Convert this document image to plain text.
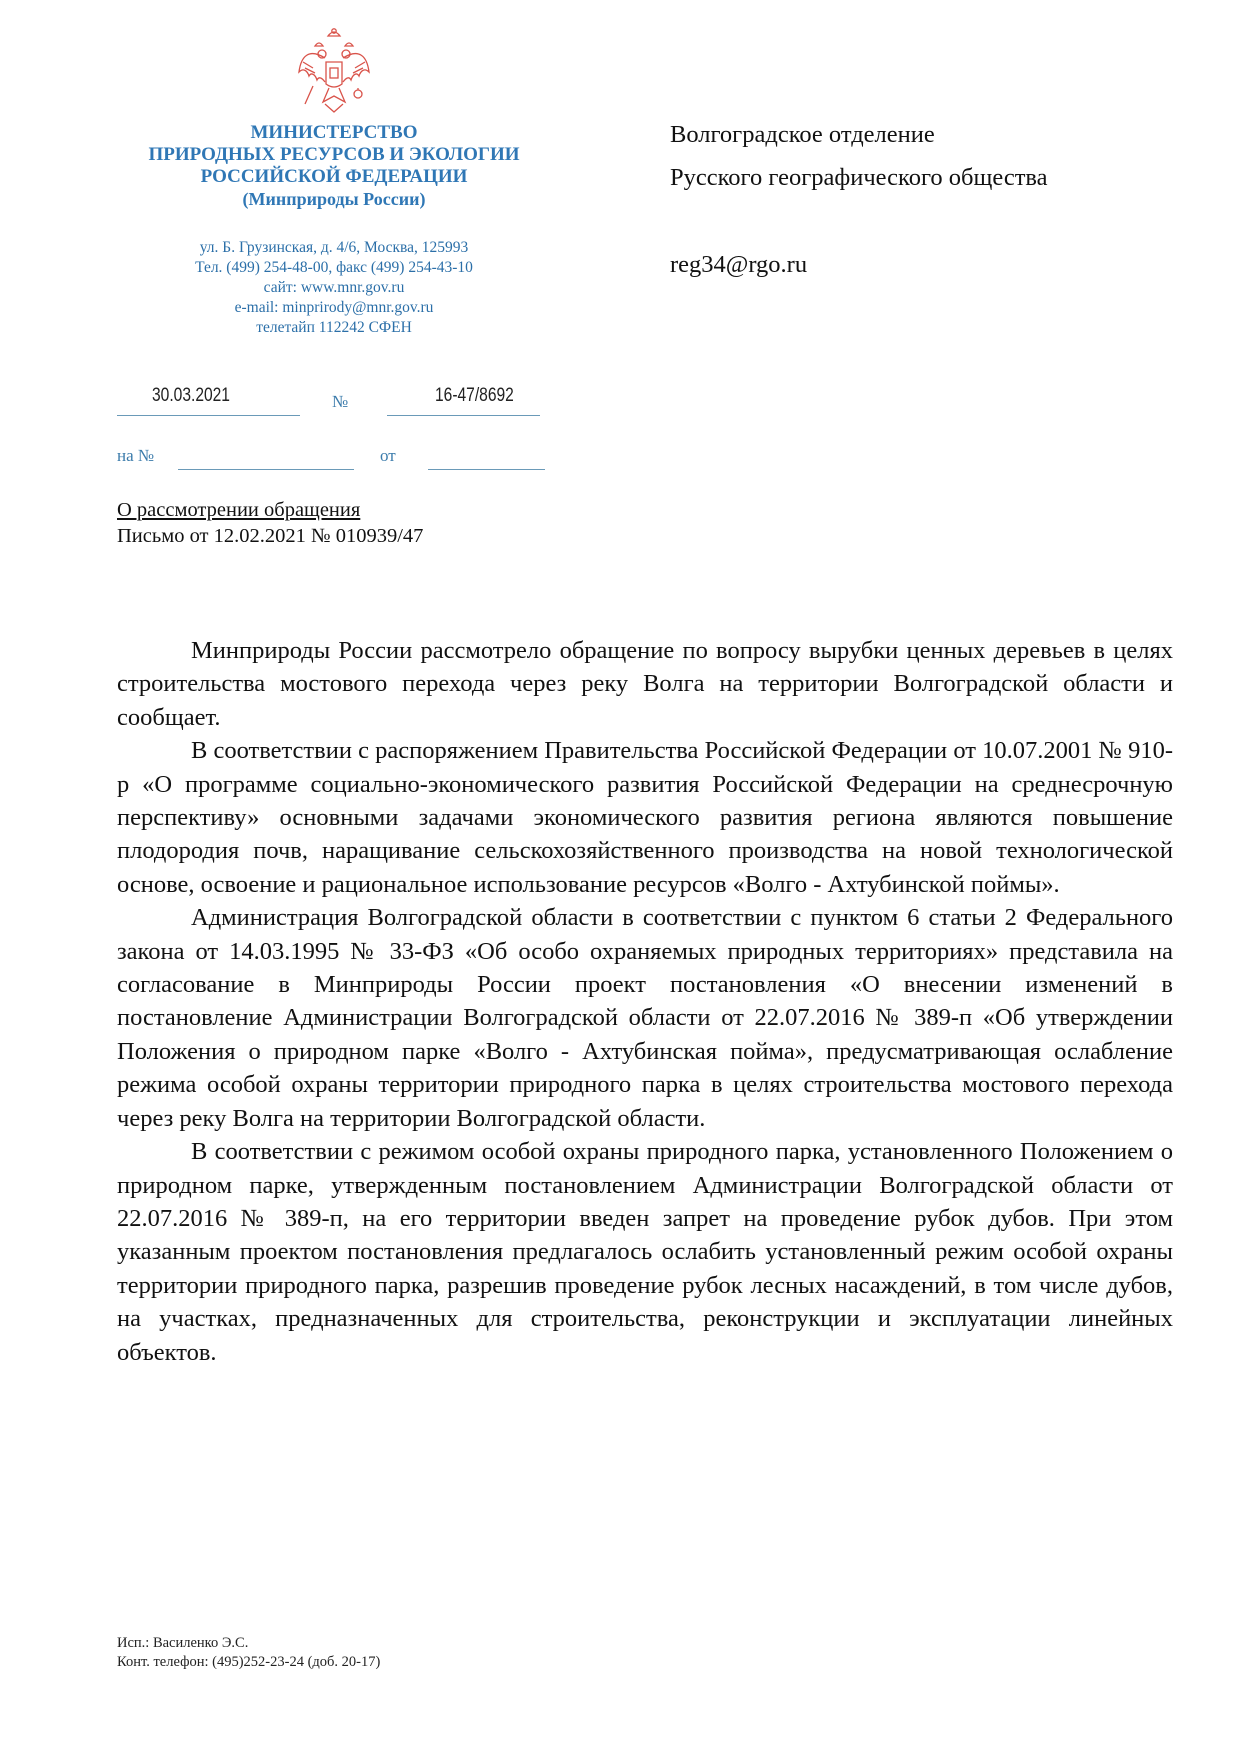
МИНИСТЕРСТВО
ПРИРОДНЫХ РЕСУРСОВ И ЭКОЛОГИИ
РОССИЙСКОЙ ФЕДЕРАЦИИ
(Минприроды России)
ул. Б. Грузинская, д. 4/6, Москва, 125993
Тел. (499) 254-48-00, факс (499) 254-43-10
сайт: www.mnr.gov.ru
e-mail: minprirody@mnr.gov.ru
телетайп 112242 СФЕН
30.03.2021	№	16-47/8692
на №	от
Волгоградское отделение
Русского географического общества
reg34@rgo.ru
О рассмотрении обращения
Письмо от 12.02.2021 № 010939/47

Минприроды России рассмотрело обращение по вопросу вырубки ценных деревьев в целях строительства мостового перехода через реку Волга на территории Волгоградской области и сообщает.

В соответствии с распоряжением Правительства Российской Федерации от 10.07.2001 № 910-р «О программе социально-экономического развития Российской Федерации на среднесрочную перспективу» основными задачами экономического развития региона являются повышение плодородия почв, наращивание сельскохозяйственного производства на новой технологической основе, освоение и рациональное использование ресурсов «Волго - Ахтубинской поймы».

Администрация Волгоградской области в соответствии с пунктом 6 статьи 2 Федерального закона от 14.03.1995 № 33-ФЗ «Об особо охраняемых природных территориях» представила на согласование в Минприроды России проект постановления «О внесении изменений в постановление Администрации Волгоградской области от 22.07.2016 № 389-п «Об утверждении Положения о природном парке «Волго - Ахтубинская пойма», предусматривающая ослабление режима особой охраны территории природного парка в целях строительства мостового перехода через реку Волга на территории Волгоградской области.

В соответствии с режимом особой охраны природного парка, установленного Положением о природном парке, утвержденным постановлением Администрации Волгоградской области от 22.07.2016 № 389-п, на его территории введен запрет на проведение рубок дубов. При этом указанным проектом постановления предлагалось ослабить установленный режим особой охраны территории природного парка, разрешив проведение рубок лесных насаждений, в том числе дубов, на участках, предназначенных для строительства, реконструкции и эксплуатации линейных объектов.

Исп.: Василенко Э.С.
Конт. телефон: (495)252-23-24 (доб. 20-17)
